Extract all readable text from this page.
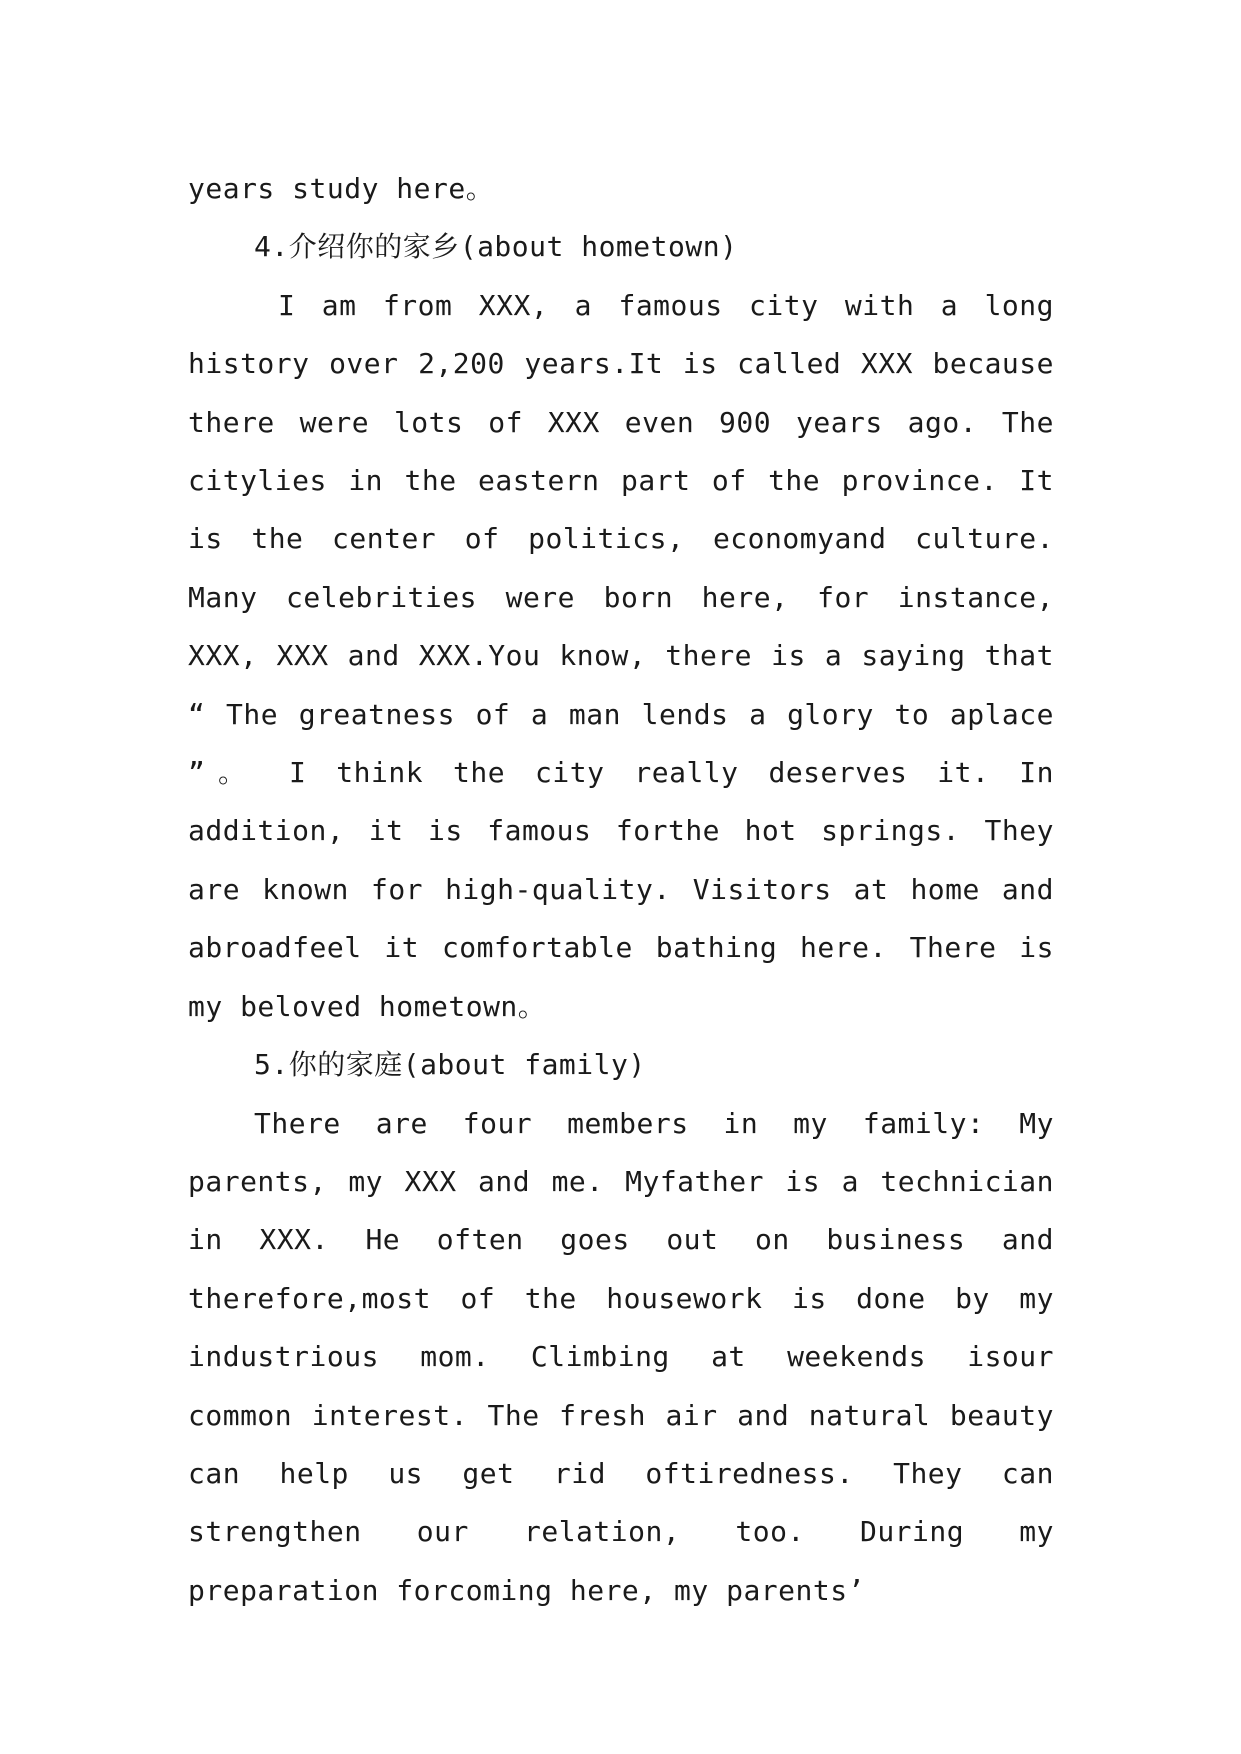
years study here。

4.介绍你的家乡(about hometown)

I am from XXX, a famous city with a long history over 2,200 years.It is called XXX because there were lots of XXX even 900 years ago. The citylies in the eastern part of the province. It is the center of politics, economyand culture. Many celebrities were born here, for instance, XXX, XXX and XXX.You know, there is a saying that “ The greatness of a man lends a glory to aplace ”。 I think the city really deserves it. In addition, it is famous forthe hot springs. They are known for high-quality. Visitors at home and abroadfeel it comfortable bathing here. There is my beloved hometown。

5.你的家庭(about family)

There are four members in my family: My parents, my XXX and me. Myfather is a technician in XXX. He often goes out on business and therefore,most of the housework is done by my industrious mom. Climbing at weekends isour common interest. The fresh air and natural beauty can help us get rid oftiredness. They can strengthen our relation, too. During my preparation forcoming here, my parents’
